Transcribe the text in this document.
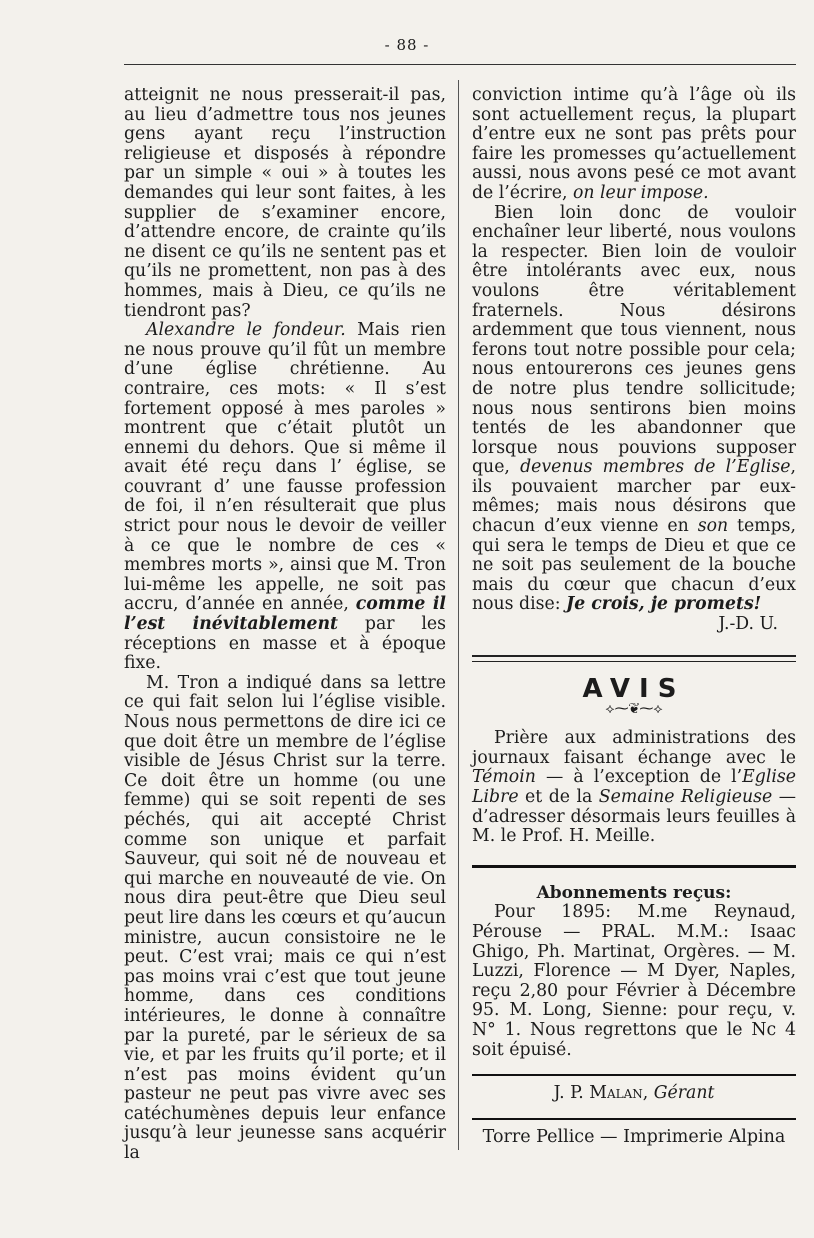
- 88 -

atteignit ne nous presserait-il pas, au lieu d’admettre tous nos jeunes gens ayant reçu l’instruction religieuse et disposés à répondre par un simple « oui » à toutes les demandes qui leur sont faites, à les supplier de s’examiner encore, d’attendre encore, de crainte qu’ils ne disent ce qu’ils ne sentent pas et qu’ils ne promettent, non pas à des hommes, mais à Dieu, ce qu’ils ne tiendront pas?

Alexandre le fondeur. Mais rien ne nous prouve qu’il fût un membre d’une église chrétienne. Au contraire, ces mots: « Il s’est fortement opposé à mes paroles » montrent que c’était plutôt un ennemi du dehors. Que si même il avait été reçu dans l’ église, se couvrant d’ une fausse profession de foi, il n’en résulterait que plus strict pour nous le devoir de veiller à ce que le nombre de ces « membres morts », ainsi que M. Tron lui-même les appelle, ne soit pas accru, d’année en année, comme il l’est inévitablement par les réceptions en masse et à époque fixe.

M. Tron a indiqué dans sa lettre ce qui fait selon lui l’église visible. Nous nous permettons de dire ici ce que doit être un membre de l’église visible de Jésus Christ sur la terre. Ce doit être un homme (ou une femme) qui se soit repenti de ses péchés, qui ait accepté Christ comme son unique et parfait Sauveur, qui soit né de nouveau et qui marche en nouveauté de vie. On nous dira peut-être que Dieu seul peut lire dans les cœurs et qu’aucun ministre, aucun consistoire ne le peut. C’est vrai; mais ce qui n’est pas moins vrai c’est que tout jeune homme, dans ces conditions intérieures, le donne à connaître par la pureté, par le sérieux de sa vie, et par les fruits qu’il porte; et il n’est pas moins évident qu’un pasteur ne peut pas vivre avec ses catéchumènes depuis leur enfance jusqu’à leur jeunesse sans acquérir la

conviction intime qu’à l’âge où ils sont actuellement reçus, la plupart d’entre eux ne sont pas prêts pour faire les promesses qu’actuellement aussi, nous avons pesé ce mot avant de l’écrire, on leur impose.

Bien loin donc de vouloir enchaîner leur liberté, nous voulons la respecter. Bien loin de vouloir être intolérants avec eux, nous voulons être véritablement fraternels. Nous désirons ardemment que tous viennent, nous ferons tout notre possible pour cela; nous entourerons ces jeunes gens de notre plus tendre sollicitude; nous nous sentirons bien moins tentés de les abandonner que lorsque nous pouvions supposer que, devenus membres de l’Eglise, ils pouvaient marcher par eux-mêmes; mais nous désirons que chacun d’eux vienne en son temps, qui sera le temps de Dieu et que ce ne soit pas seulement de la bouche mais du cœur que chacun d’eux nous dise: Je crois, je promets!

J.-D. U.

AVIS

⟡⁓❦⁓⟡

Prière aux administrations des journaux faisant échange avec le Témoin — à l’exception de l’Eglise Libre et de la Semaine Religieuse — d’adresser désormais leurs feuilles à M. le Prof. H. Meille.

Abonnements reçus:

Pour 1895: M.me Reynaud, Pérouse — PRAL. M.M.: Isaac Ghigo, Ph. Martinat, Orgères. — M. Luzzi, Florence — M Dyer, Naples, reçu 2,80 pour Février à Décembre 95. M. Long, Sienne: pour reçu, v. N° 1. Nous regrettons que le Nc 4 soit épuisé.

J. P. Malan, Gérant

Torre Pellice — Imprimerie Alpina
